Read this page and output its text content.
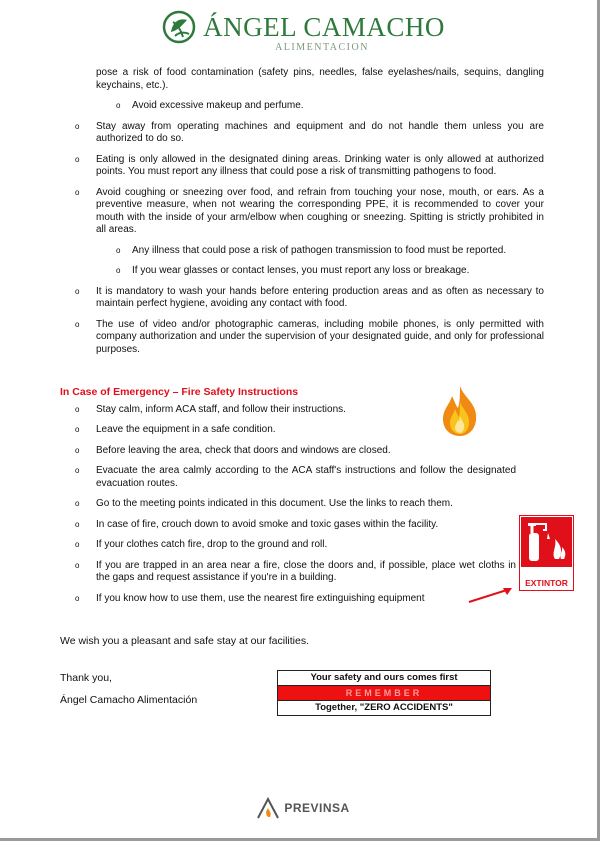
ÁNGEL CAMACHO
ALIMENTACION
pose a risk of food contamination (safety pins, needles, false eyelashes/nails, sequins, dangling keychains, etc.).
o Avoid excessive makeup and perfume.
o Stay away from operating machines and equipment and do not handle them unless you are authorized to do so.
o Eating is only allowed in the designated dining areas. Drinking water is only allowed at authorized points. You must report any illness that could pose a risk of transmitting pathogens to food.
o Avoid coughing or sneezing over food, and refrain from touching your nose, mouth, or ears. As a preventive measure, when not wearing the corresponding PPE, it is recommended to cover your mouth with the inside of your arm/elbow when coughing or sneezing. Spitting is strictly prohibited in all areas.
o Any illness that could pose a risk of pathogen transmission to food must be reported.
o If you wear glasses or contact lenses, you must report any loss or breakage.
o It is mandatory to wash your hands before entering production areas and as often as necessary to maintain perfect hygiene, avoiding any contact with food.
o The use of video and/or photographic cameras, including mobile phones, is only permitted with company authorization and under the supervision of your designated guide, and only for professional purposes.
In Case of Emergency – Fire Safety Instructions
o Stay calm, inform ACA staff, and follow their instructions.
o Leave the equipment in a safe condition.
o Before leaving the area, check that doors and windows are closed.
o Evacuate the area calmly according to the ACA staff's instructions and follow the designated evacuation routes.
o Go to the meeting points indicated in this document. Use the links to reach them.
o In case of fire, crouch down to avoid smoke and toxic gases within the facility.
o If your clothes catch fire, drop to the ground and roll.
o If you are trapped in an area near a fire, close the doors and, if possible, place wet cloths in the gaps and request assistance if you're in a building.
o If you know how to use them, use the nearest fire extinguishing equipment
We wish you a pleasant and safe stay at our facilities.
Thank you,
Ángel Camacho Alimentación
EXTINTOR
Your safety and ours comes first
REMEMBER
Together, "ZERO ACCIDENTS"
PREVINSA
